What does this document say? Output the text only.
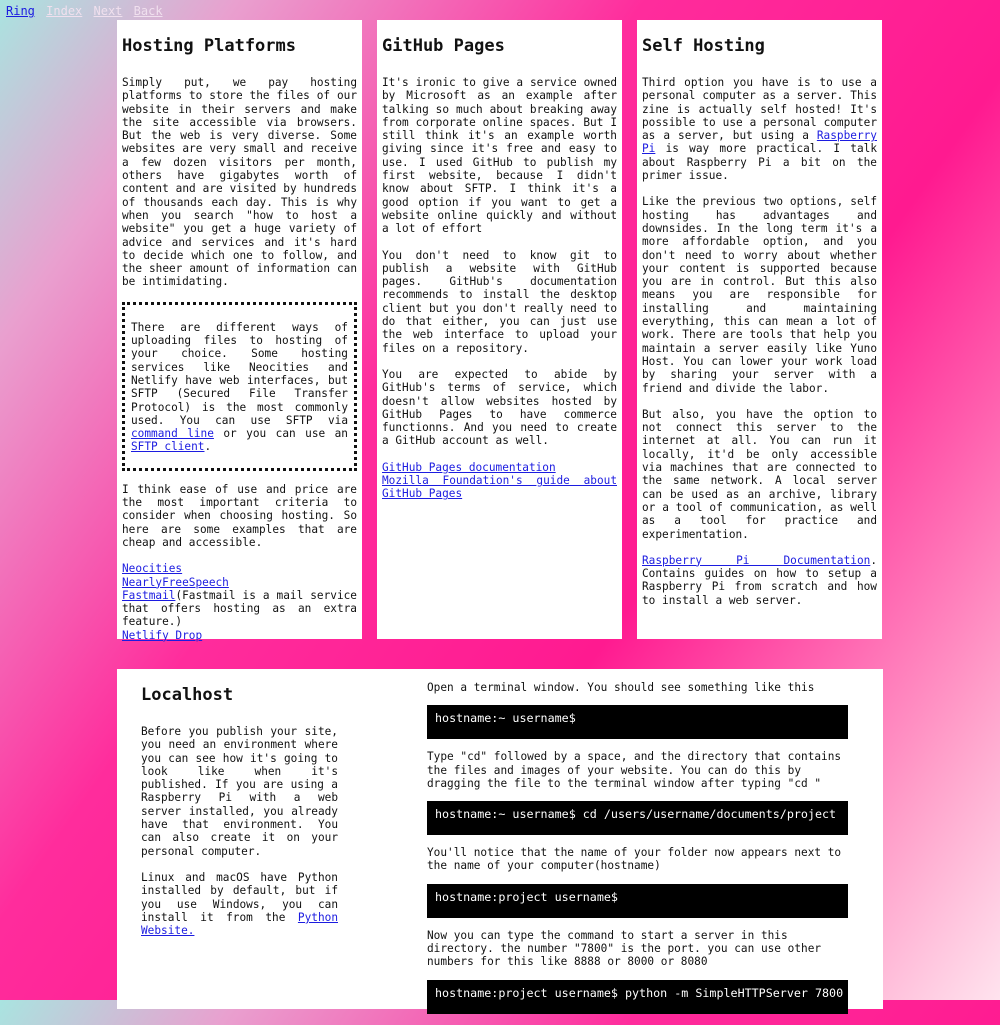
Ring Index Next Back
Hosting Platforms

Simply put, we pay hosting platforms to store the files of our website in their servers and make the site accessible via browsers. But the web is very diverse. Some websites are very small and receive a few dozen visitors per month, others have gigabytes worth of content and are visited by hundreds of thousands each day. This is why when you search "how to host a website" you get a huge variety of advice and services and it's hard to decide which one to follow, and the sheer amount of information can be intimidating.

There are different ways of uploading files to hosting of your choice. Some hosting services like Neocities and Netlify have web interfaces, but SFTP (Secured File Transfer Protocol) is the most commonly used. You can use SFTP via command line or you can use an SFTP client.

I think ease of use and price are the most important criteria to consider when choosing hosting. So here are some examples that are cheap and accessible.

Neocities
NearlyFreeSpeech
Fastmail(Fastmail is a mail service that offers hosting as an extra feature.)
Netlify Drop
GitHub Pages

It's ironic to give a service owned by Microsoft as an example after talking so much about breaking away from corporate online spaces. But I still think it's an example worth giving since it's free and easy to use. I used GitHub to publish my first website, because I didn't know about SFTP. I think it's a good option if you want to get a website online quickly and without a lot of effort

You don't need to know git to publish a website with GitHub pages. GitHub's documentation recommends to install the desktop client but you don't really need to do that either, you can just use the web interface to upload your files on a repository.

You are expected to abide by GitHub's terms of service, which doesn't allow websites hosted by GitHub Pages to have commerce functionns. And you need to create a GitHub account as well.

GitHub Pages documentation
Mozilla Foundation's guide about GitHub Pages
Self Hosting

Third option you have is to use a personal computer as a server. This zine is actually self hosted! It's possible to use a personal computer as a server, but using a Raspberry Pi is way more practical. I talk about Raspberry Pi a bit on the primer issue.

Like the previous two options, self hosting has advantages and downsides. In the long term it's a more affordable option, and you don't need to worry about whether your content is supported because you are in control. But this also means you are responsible for installing and maintaining everything, this can mean a lot of work. There are tools that help you maintain a server easily like Yuno Host. You can lower your work load by sharing your server with a friend and divide the labor.

But also, you have the option to not connect this server to the internet at all. You can run it locally, it'd be only accessible via machines that are connected to the same network. A local server can be used as an archive, library or a tool of communication, as well as a tool for practice and experimentation.

Raspberry Pi Documentation. Contains guides on how to setup a Raspberry Pi from scratch and how to install a web server.

Localhost

Before you publish your site, you need an environment where you can see how it's going to look like when it's published. If you are using a Raspberry Pi with a web server installed, you already have that environment. You can also create it on your personal computer.

Linux and macOS have Python installed by default, but if you use Windows, you can install it from the Python Website.

Open a terminal window. You should see something like this

hostname:~ username$

Type "cd" followed by a space, and the directory that contains the files and images of your website. You can do this by dragging the file to the terminal window after typing "cd "

hostname:~ username$ cd /users/username/documents/project

You'll notice that the name of your folder now appears next to the name of your computer(hostname)

hostname:project username$

Now you can type the command to start a server in this directory. the number "7800" is the port. you can use other numbers for this like 8888 or 8000 or 8080

hostname:project username$ python -m SimpleHTTPServer 7800
